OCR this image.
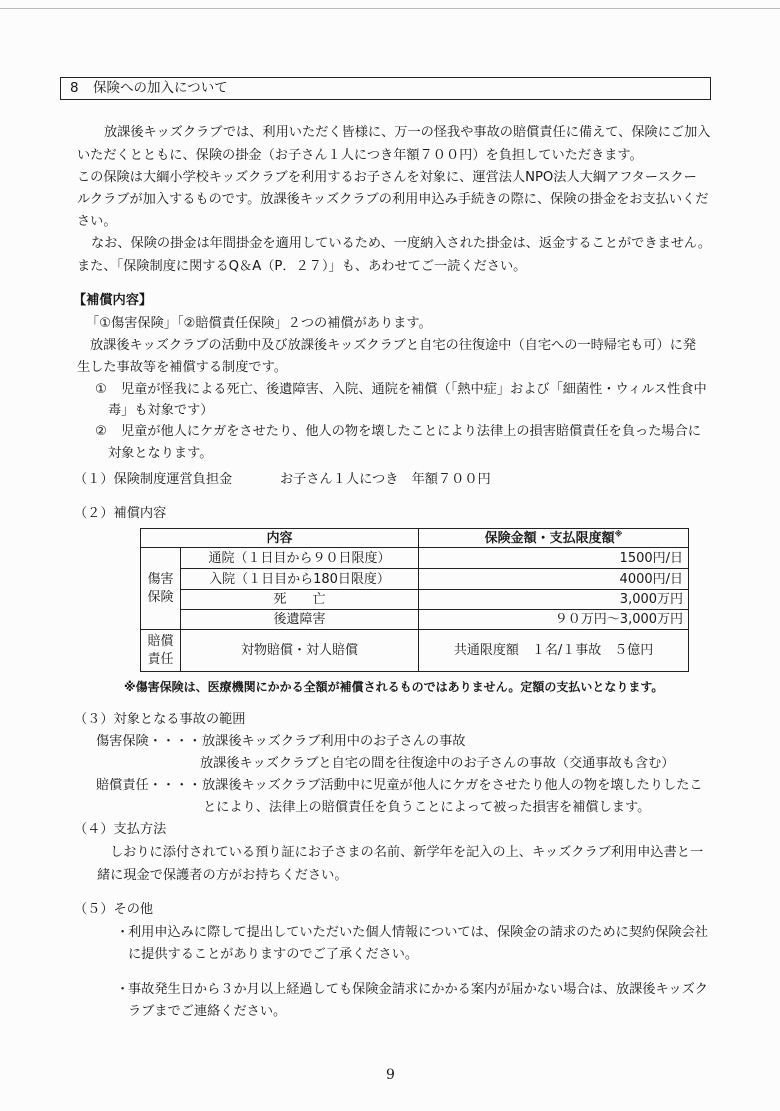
8 保険への加入について
放課後キッズクラブでは、利用いただく皆様に、万一の怪我や事故の賠償責任に備えて、保険にご加入
いただくとともに、保険の掛金（お子さん１人につき年額７００円）を負担していただきます。
この保険は大綱小学校キッズクラブを利用するお子さんを対象に、運営法人NPO法人大綱アフタースクー
ルクラブが加入するものです。放課後キッズクラブの利用申込み手続きの際に、保険の掛金をお支払いくだ
さい。
なお、保険の掛金は年間掛金を適用しているため、一度納入された掛金は、返金することができません。
また、「保険制度に関するQ＆A（P．２７）」も、あわせてご一読ください。
【補償内容】
「①傷害保険」「②賠償責任保険」２つの補償があります。
放課後キッズクラブの活動中及び放課後キッズクラブと自宅の往復途中（自宅への一時帰宅も可）に発
生した事故等を補償する制度です。
① 児童が怪我による死亡、後遺障害、入院、通院を補償（「熱中症」および「細菌性・ウィルス性食中
毒」も対象です）
② 児童が他人にケガをさせたり、他人の物を壊したことにより法律上の損害賠償責任を負った場合に
対象となります。
（１）保険制度運営負担金	お子さん１人につき　年額７００円
（２）補償内容
内容		保険金額・支払限度額※

傷害
保険	通院（１日目から９０日限度）	1500円/日
	入院（１日目から180日限度）	4000円/日
	死　　亡	3,000万円
	後遺障害	９０万円〜3,000万円

賠償
責任	対物賠償・対人賠償	共通限度額　１名/１事故　５億円
※傷害保険は、医療機関にかかる全額が補償されるものではありません。定額の支払いとなります。
（３）対象となる事故の範囲
傷害保険・・・・ 放課後キッズクラブ利用中のお子さんの事故
放課後キッズクラブと自宅の間を往復途中のお子さんの事故（交通事故も含む）
賠償責任・・・・ 放課後キッズクラブ活動中に児童が他人にケガをさせたり他人の物を壊したりしたこ
とにより、法律上の賠償責任を負うことによって被った損害を補償します。
（４）支払方法
しおりに添付されている預り証にお子さまの名前、新学年を記入の上、キッズクラブ利用申込書と一
緒に現金で保護者の方がお持ちください。
（５）その他
・
利用申込みに際して提出していただいた個人情報については、保険金の請求のために契約保険会社
に提供することがありますのでご了承ください。
・
事故発生日から３か月以上経過しても保険金請求にかかる案内が届かない場合は、放課後キッズク
ラブまでご連絡ください。
9
